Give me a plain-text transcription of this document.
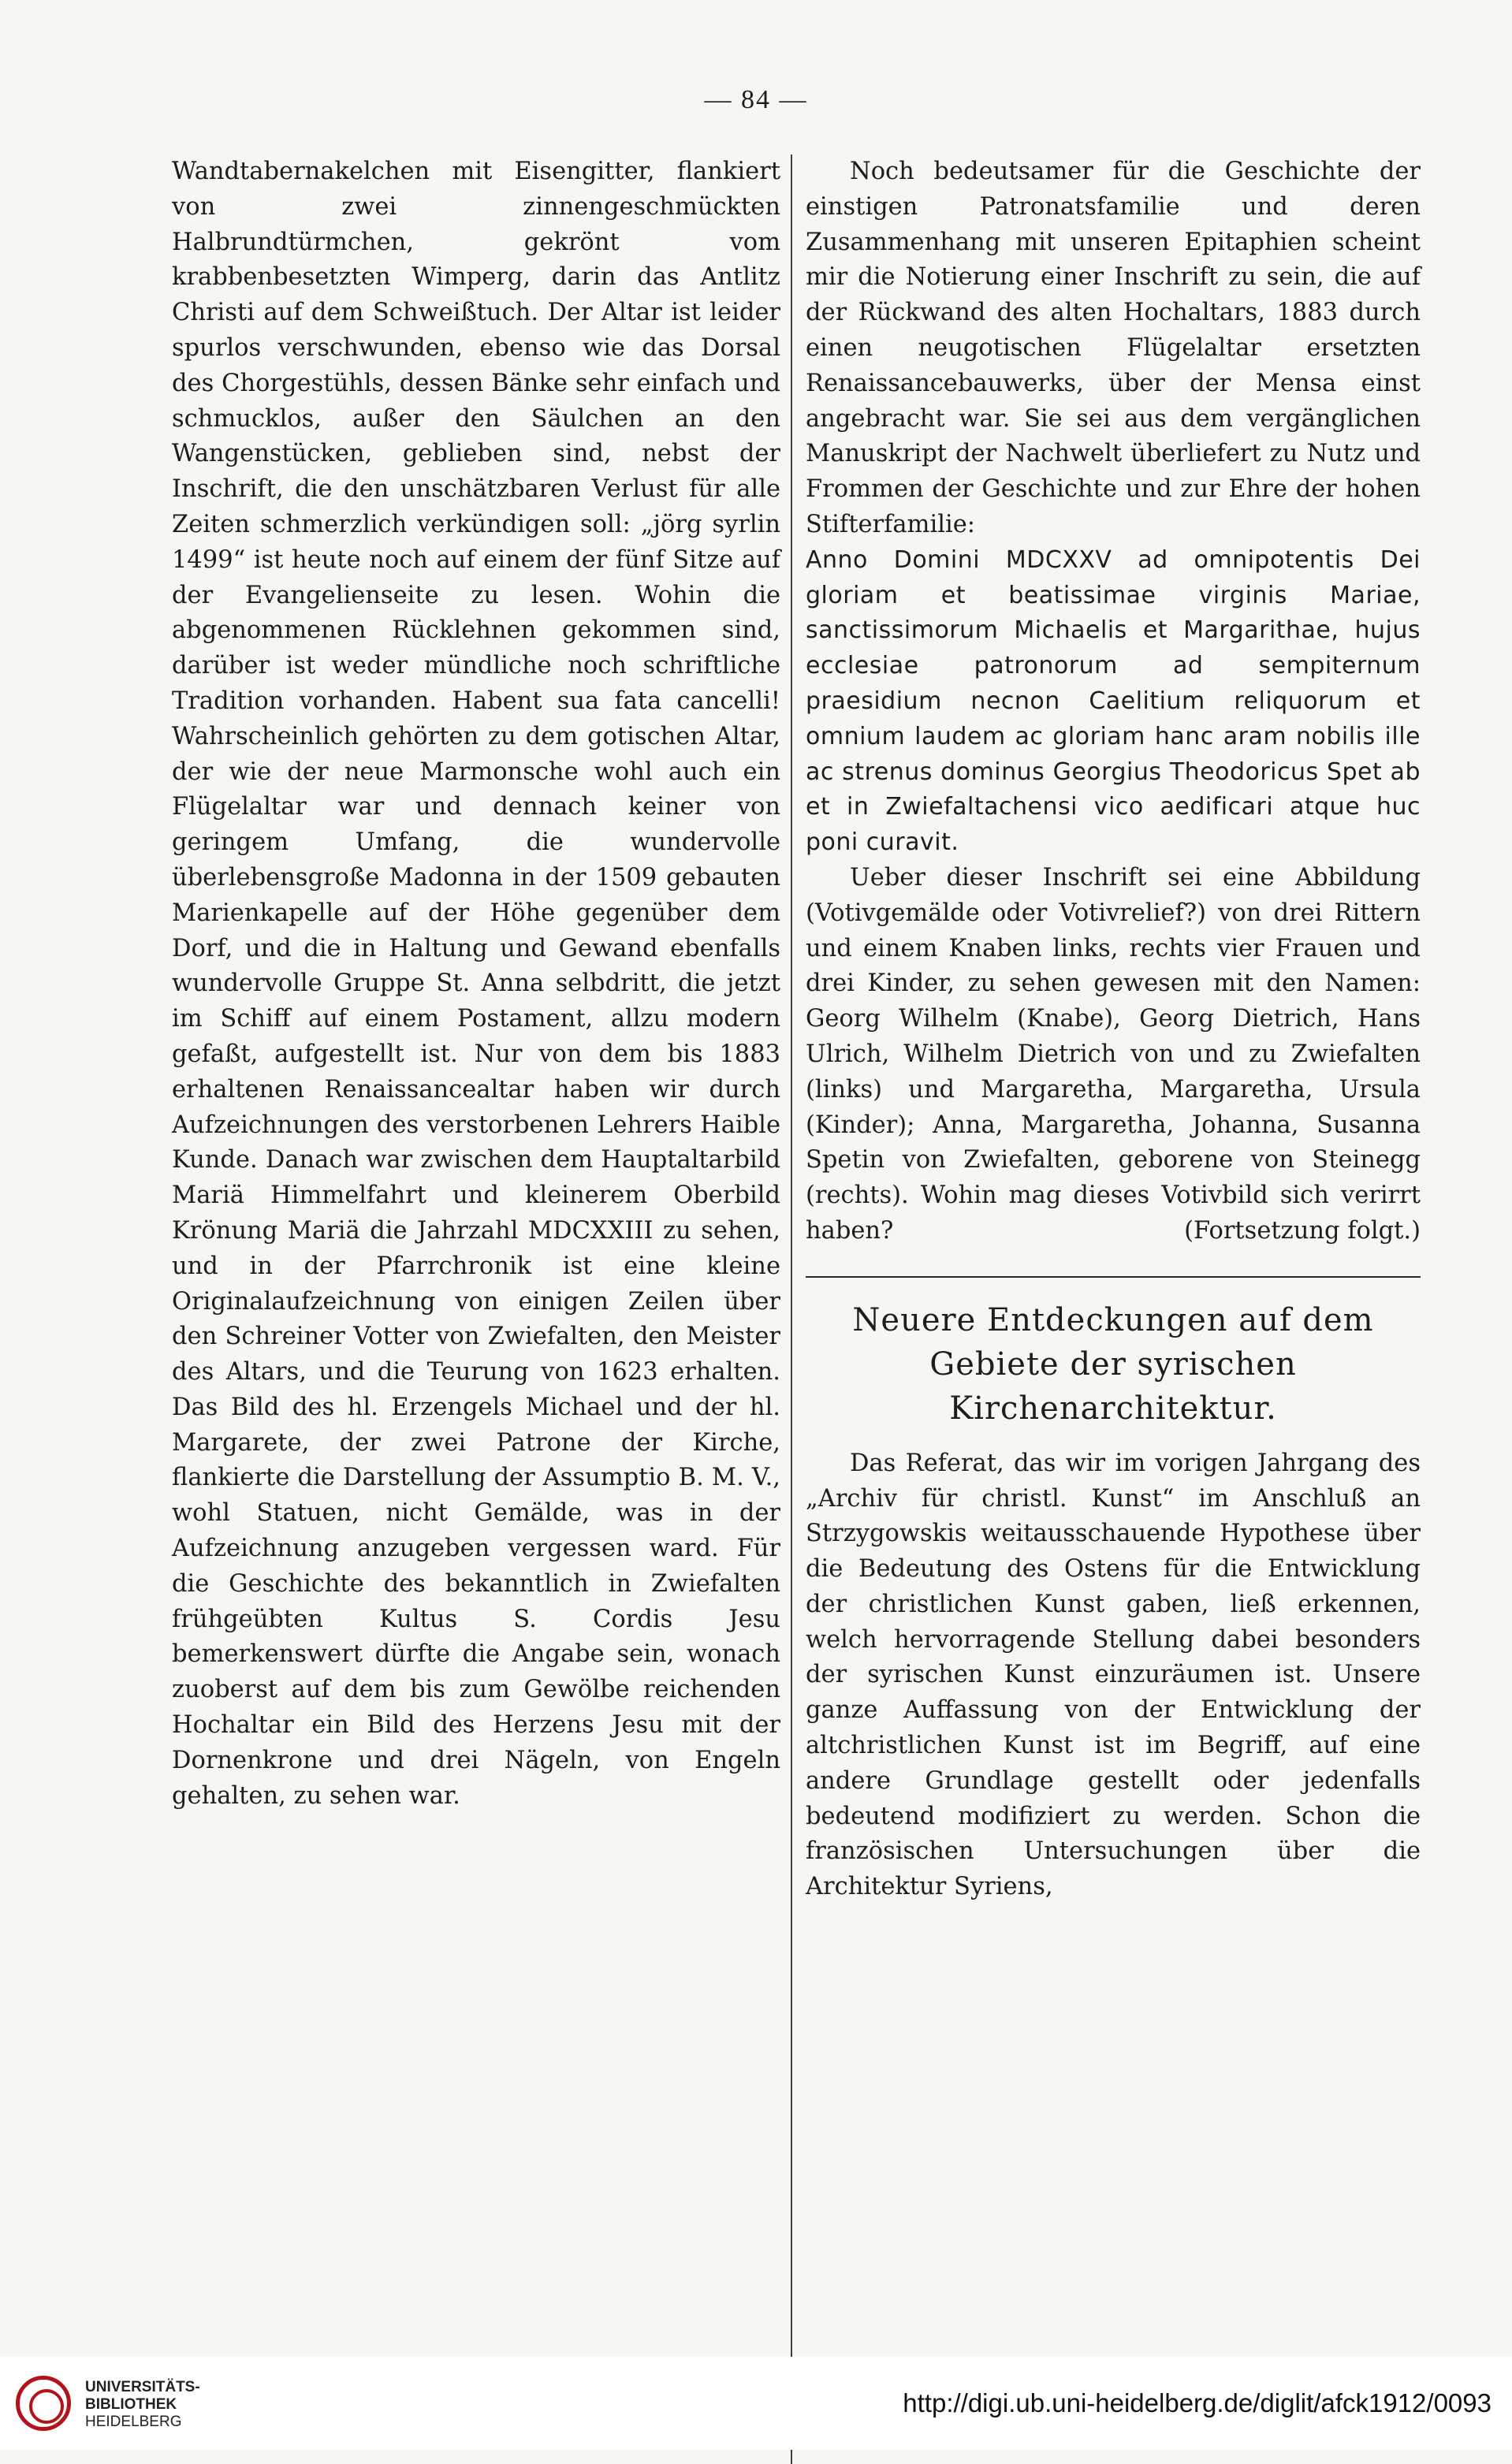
— 84 —

Wandtabernakelchen mit Eisengitter, flankiert von zwei zinnengeschmückten Halbrundtürmchen, gekrönt vom krabbenbesetzten Wimperg, darin das Antlitz Christi auf dem Schweißtuch. Der Altar ist leider spurlos verschwunden, ebenso wie das Dorsal des Chorgestühls, dessen Bänke sehr einfach und schmucklos, außer den Säulchen an den Wangenstücken, geblieben sind, nebst der Inschrift, die den unschätzbaren Verlust für alle Zeiten schmerzlich verkündigen soll: „jörg syrlin 1499“ ist heute noch auf einem der fünf Sitze auf der Evangelienseite zu lesen. Wohin die abgenommenen Rücklehnen gekommen sind, darüber ist weder mündliche noch schriftliche Tradition vorhanden. Habent sua fata cancelli! Wahrscheinlich gehörten zu dem gotischen Altar, der wie der neue Marmonsche wohl auch ein Flügelaltar war und dennach keiner von geringem Umfang, die wundervolle überlebensgroße Madonna in der 1509 gebauten Marienkapelle auf der Höhe gegenüber dem Dorf, und die in Haltung und Gewand ebenfalls wundervolle Gruppe St. Anna selbdritt, die jetzt im Schiff auf einem Postament, allzu modern gefaßt, aufgestellt ist. Nur von dem bis 1883 erhaltenen Renaissancealtar haben wir durch Aufzeichnungen des verstorbenen Lehrers Haible Kunde. Danach war zwischen dem Hauptaltarbild Mariä Himmelfahrt und kleinerem Oberbild Krönung Mariä die Jahrzahl MDCXXIII zu sehen, und in der Pfarrchronik ist eine kleine Originalaufzeichnung von einigen Zeilen über den Schreiner Votter von Zwiefalten, den Meister des Altars, und die Teurung von 1623 erhalten. Das Bild des hl. Erzengels Michael und der hl. Margarete, der zwei Patrone der Kirche, flankierte die Darstellung der Assumptio B. M. V., wohl Statuen, nicht Gemälde, was in der Aufzeichnung anzugeben vergessen ward. Für die Geschichte des bekanntlich in Zwiefalten frühgeübten Kultus S. Cordis Jesu bemerkenswert dürfte die Angabe sein, wonach zuoberst auf dem bis zum Gewölbe reichenden Hochaltar ein Bild des Herzens Jesu mit der Dornenkrone und drei Nägeln, von Engeln gehalten, zu sehen war.

Noch bedeutsamer für die Geschichte der einstigen Patronatsfamilie und deren Zusammenhang mit unseren Epitaphien scheint mir die Notierung einer Inschrift zu sein, die auf der Rückwand des alten Hochaltars, 1883 durch einen neugotischen Flügelaltar ersetzten Renaissancebauwerks, über der Mensa einst angebracht war. Sie sei aus dem vergänglichen Manuskript der Nachwelt überliefert zu Nutz und Frommen der Geschichte und zur Ehre der hohen Stifterfamilie:

Anno Domini MDCXXV ad omnipotentis Dei gloriam et beatissimae virginis Mariae, sanctissimorum Michaelis et Margarithae, hujus ecclesiae patronorum ad sempiternum praesidium necnon Caelitium reliquorum et omnium laudem ac gloriam hanc aram nobilis ille ac strenus dominus Georgius Theodoricus Spet ab et in Zwiefaltachensi vico aedificari atque huc poni curavit.

Ueber dieser Inschrift sei eine Abbildung (Votivgemälde oder Votivrelief?) von drei Rittern und einem Knaben links, rechts vier Frauen und drei Kinder, zu sehen gewesen mit den Namen: Georg Wilhelm (Knabe), Georg Dietrich, Hans Ulrich, Wilhelm Dietrich von und zu Zwiefalten (links) und Margaretha, Margaretha, Ursula (Kinder); Anna, Margaretha, Johanna, Susanna Spetin von Zwiefalten, geborene von Steinegg (rechts). Wohin mag dieses Votivbild sich verirrt haben?	(Fortsetzung folgt.)

Neuere Entdeckungen auf dem Gebiete der syrischen Kirchenarchitektur.

Das Referat, das wir im vorigen Jahrgang des „Archiv für christl. Kunst“ im Anschluß an Strzygowskis weitausschauende Hypothese über die Bedeutung des Ostens für die Entwicklung der christlichen Kunst gaben, ließ erkennen, welch hervorragende Stellung dabei besonders der syrischen Kunst einzuräumen ist. Unsere ganze Auffassung von der Entwicklung der altchristlichen Kunst ist im Begriff, auf eine andere Grundlage gestellt oder jedenfalls bedeutend modifiziert zu werden. Schon die französischen Untersuchungen über die Architektur Syriens,

UNIVERSITÄTS-
BIBLIOTHEK
HEIDELBERG
http://digi.ub.uni-heidelberg.de/diglit/afck1912/0093
